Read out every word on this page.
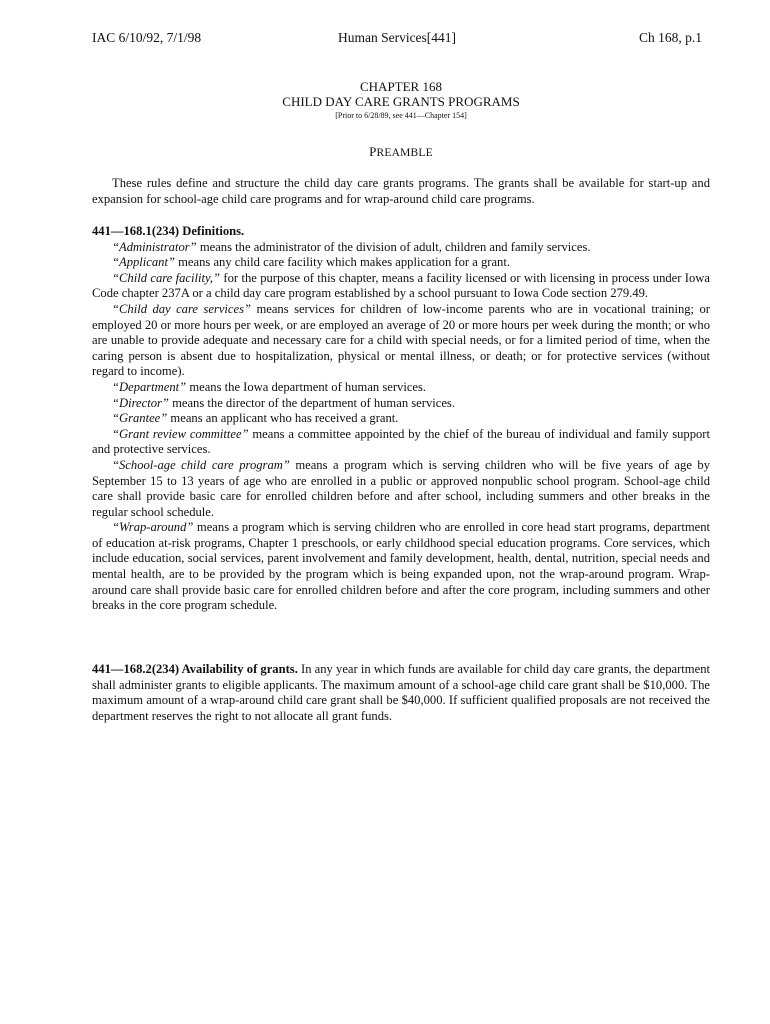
IAC 6/10/92, 7/1/98	Human Services[441]	Ch 168, p.1
CHAPTER 168
CHILD DAY CARE GRANTS PROGRAMS
[Prior to 6/28/89, see 441—Chapter 154]
PREAMBLE

These rules define and structure the child day care grants programs. The grants shall be available for start-up and expansion for school-age child care programs and for wrap-around child care programs.

441—168.1(234) Definitions.

“Administrator” means the administrator of the division of adult, children and family services.

“Applicant” means any child care facility which makes application for a grant.

“Child care facility,” for the purpose of this chapter, means a facility licensed or with licensing in process under Iowa Code chapter 237A or a child day care program established by a school pursuant to Iowa Code section 279.49.

“Child day care services” means services for children of low-income parents who are in vocational training; or employed 20 or more hours per week, or are employed an average of 20 or more hours per week during the month; or who are unable to provide adequate and necessary care for a child with special needs, or for a limited period of time, when the caring person is absent due to hospitalization, physical or mental illness, or death; or for protective services (without regard to income).

“Department” means the Iowa department of human services.

“Director” means the director of the department of human services.

“Grantee” means an applicant who has received a grant.

“Grant review committee” means a committee appointed by the chief of the bureau of individual and family support and protective services.

“School-age child care program” means a program which is serving children who will be five years of age by September 15 to 13 years of age who are enrolled in a public or approved nonpublic school program. School-age child care shall provide basic care for enrolled children before and after school, including summers and other breaks in the regular school schedule.

“Wrap-around” means a program which is serving children who are enrolled in core head start programs, department of education at-risk programs, Chapter 1 preschools, or early childhood special education programs. Core services, which include education, social services, parent involvement and family development, health, dental, nutrition, special needs and mental health, are to be provided by the program which is being expanded upon, not the wrap-around program. Wrap-around care shall provide basic care for enrolled children before and after the core program, including summers and other breaks in the core program schedule.

441—168.2(234) Availability of grants. In any year in which funds are available for child day care grants, the department shall administer grants to eligible applicants. The maximum amount of a school-age child care grant shall be $10,000. The maximum amount of a wrap-around child care grant shall be $40,000. If sufficient qualified proposals are not received the department reserves the right to not allocate all grant funds.
